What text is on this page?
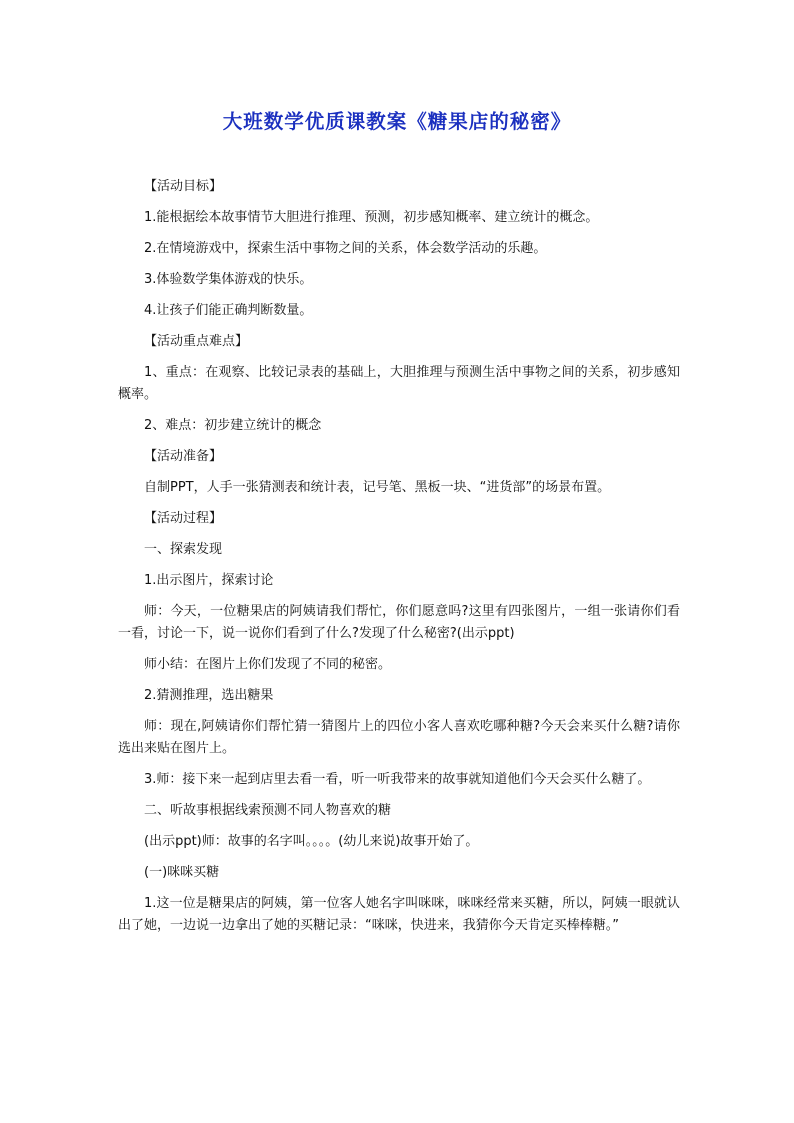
大班数学优质课教案《糖果店的秘密》

【活动目标】

1.能根据绘本故事情节大胆进行推理、预测，初步感知概率、建立统计的概念。

2.在情境游戏中，探索生活中事物之间的关系，体会数学活动的乐趣。

3.体验数学集体游戏的快乐。

4.让孩子们能正确判断数量。

【活动重点难点】

1、重点：在观察、比较记录表的基础上，大胆推理与预测生活中事物之间的关系，初步感知概率。

2、难点：初步建立统计的概念

【活动准备】

自制PPT，人手一张猜测表和统计表，记号笔、黑板一块、“进货部”的场景布置。

【活动过程】

一、探索发现

1.出示图片，探索讨论

师：今天，一位糖果店的阿姨请我们帮忙，你们愿意吗?这里有四张图片，一组一张请你们看一看，讨论一下，说一说你们看到了什么?发现了什么秘密?(出示ppt)

师小结：在图片上你们发现了不同的秘密。

2.猜测推理，选出糖果

师：现在,阿姨请你们帮忙猜一猜图片上的四位小客人喜欢吃哪种糖?今天会来买什么糖?请你选出来贴在图片上。

3.师：接下来一起到店里去看一看，听一听我带来的故事就知道他们今天会买什么糖了。

二、听故事根据线索预测不同人物喜欢的糖

(出示ppt)师：故事的名字叫。。。。(幼儿来说)故事开始了。

(一)咪咪买糖

1.这一位是糖果店的阿姨，第一位客人她名字叫咪咪，咪咪经常来买糖，所以，阿姨一眼就认出了她，一边说一边拿出了她的买糖记录：“咪咪，快进来，我猜你今天肯定买棒棒糖。”
